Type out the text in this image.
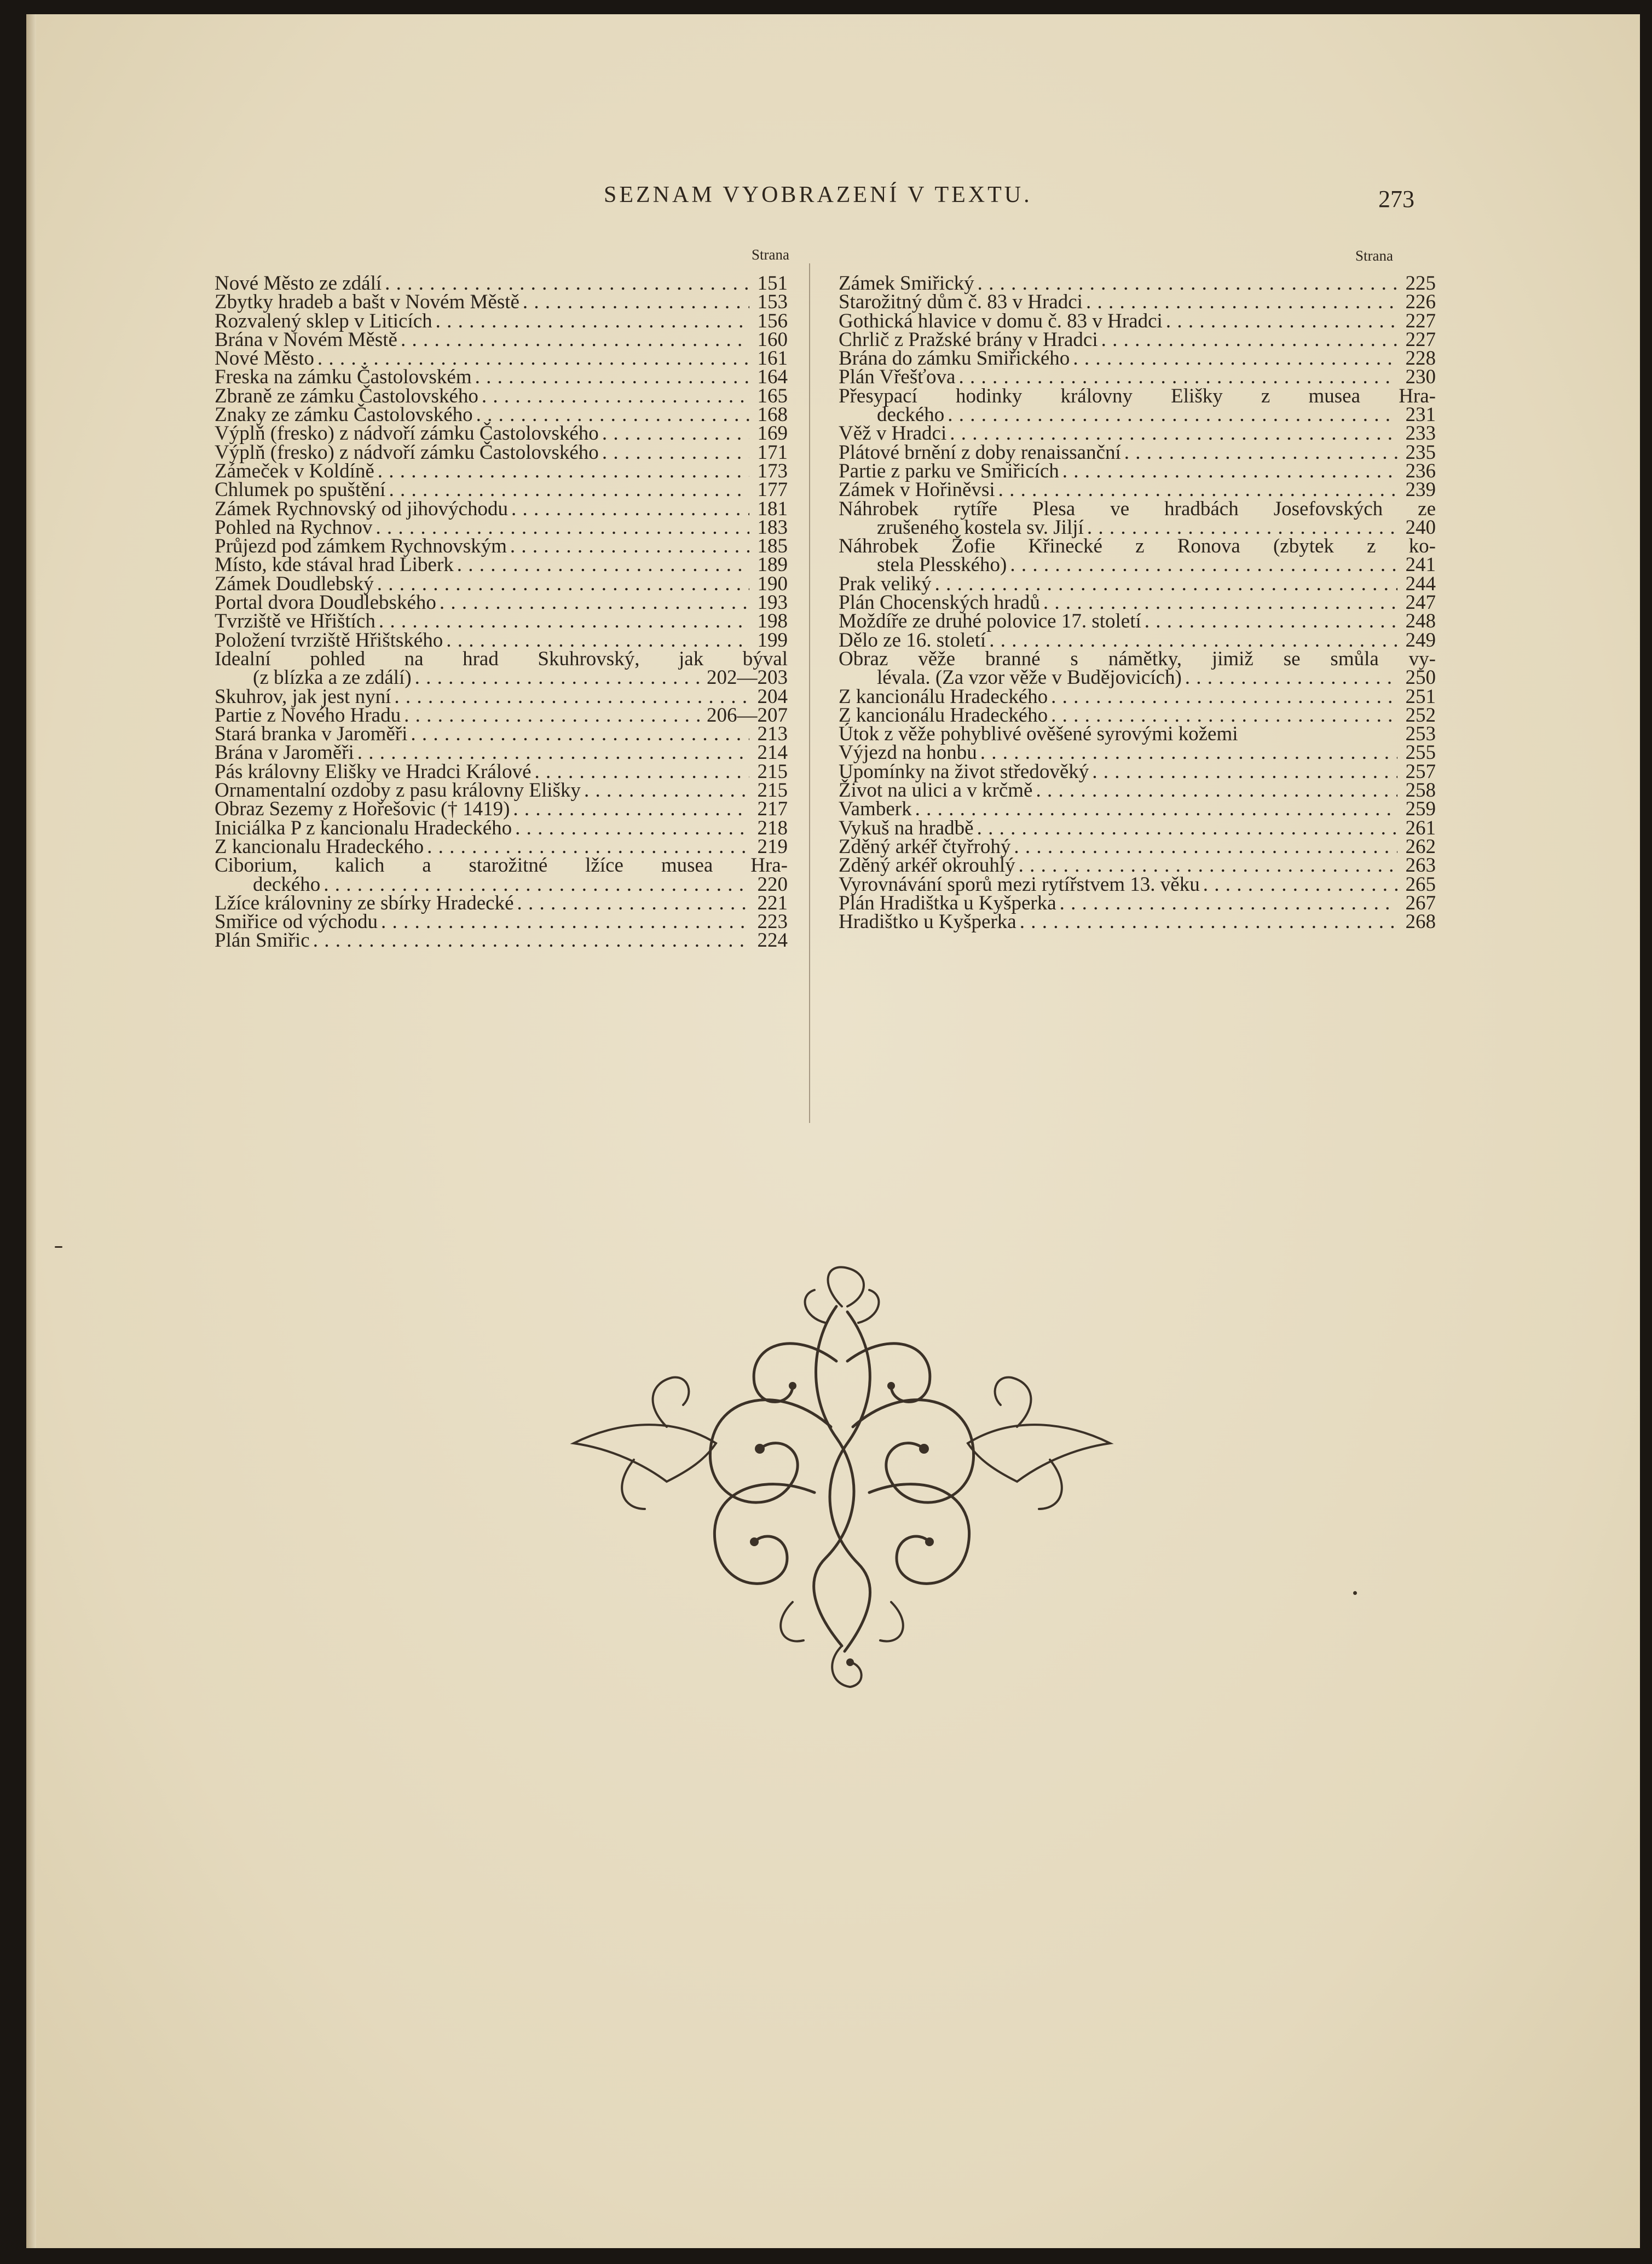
SEZNAM VYOBRAZENÍ V TEXTU.	273
Strana	Strana
Nové Město ze zdálí . . .	151
Zbytky hradeb a bašt v Novém Městě . . .	153
Rozvalený sklep v Liticích . . .	156
Brána v Novém Městě . . .	160
Nové Město . . .	161
Freska na zámku Častolovském . . .	164
Zbraně ze zámku Častolovského . . .	165
Znaky ze zámku Častolovského . . .	168
Výplň (fresko) z nádvoří zámku Častolovského . . .	169
Výplň (fresko) z nádvoří zámku Častolovského . . .	171
Zámeček v Koldíně . . .	173
Chlumek po spuštění . . .	177
Zámek Rychnovský od jihovýchodu . . .	181
Pohled na Rychnov . . .	183
Průjezd pod zámkem Rychnovským . . .	185
Místo, kde stával hrad Liberk . . .	189
Zámek Doudlebský . . .	190
Portal dvora Doudlebského . . .	193
Tvrziště ve Hřištích . . .	198
Položení tvrziště Hřištského . . .	199
Idealní pohled na hrad Skuhrovský, jak býval
(z blízka a ze zdálí) . . .	202—203
Skuhrov, jak jest nyní . . .	204
Partie z Nového Hradu . . .	206—207
Stará branka v Jaroměři . . .	213
Brána v Jaroměři . . .	214
Pás královny Elišky ve Hradci Králové . . .	215
Ornamentalní ozdoby z pasu královny Elišky . . .	215
Obraz Sezemy z Hořešovic († 1419) . . .	217
Iniciálka P z kancionalu Hradeckého . . .	218
Z kancionalu Hradeckého . . .	219
Ciborium, kalich a starožitné lžíce musea Hra-
deckého . . .	220
Lžíce královniny ze sbírky Hradecké . . .	221
Smiřice od východu . . .	223
Plán Smiřic . . .	224
Zámek Smiřický . . .	225
Starožitný dům č. 83 v Hradci . . .	226
Gothická hlavice v domu č. 83 v Hradci . . .	227
Chrlič z Pražské brány v Hradci . . .	227
Brána do zámku Smiřického . . .	228
Plán Vřešťova . . .	230
Přesypací hodinky královny Elišky z musea Hra-
deckého . . .	231
Věž v Hradci . . .	233
Plátové brnění z doby renaissanční . . .	235
Partie z parku ve Smiřicích . . .	236
Zámek v Hořiněvsi . . .	239
Náhrobek rytíře Plesa ve hradbách Josefovských ze
zrušeného kostela sv. Jiljí . . .	240
Náhrobek Žofie Křinecké z Ronova (zbytek z ko-
stela Plesského) . . .	241
Prak veliký . . .	244
Plán Chocenských hradů . . .	247
Moždíře ze druhé polovice 17. století . . .	248
Dělo ze 16. století . . .	249
Obraz věže branné s námětky, jimiž se smůla vy-
lévala. (Za vzor věže v Budějovicích) . . .	250
Z kancionálu Hradeckého . . .	251
Z kancionálu Hradeckého . . .	252
Útok z věže pohyblivé ověšené syrovými kožemi	253
Výjezd na honbu . . .	255
Upomínky na život středověký . . .	257
Život na ulici a v krčmě . . .	258
Vamberk . . .	259
Vykuš na hradbě . . .	261
Zděný arkéř čtyřrohý . . .	262
Zděný arkéř okrouhlý . . .	263
Vyrovnávání sporů mezi rytířstvem 13. věku . . .	265
Plán Hradištka u Kyšperka . . .	267
Hradištko u Kyšperka . . .	268
